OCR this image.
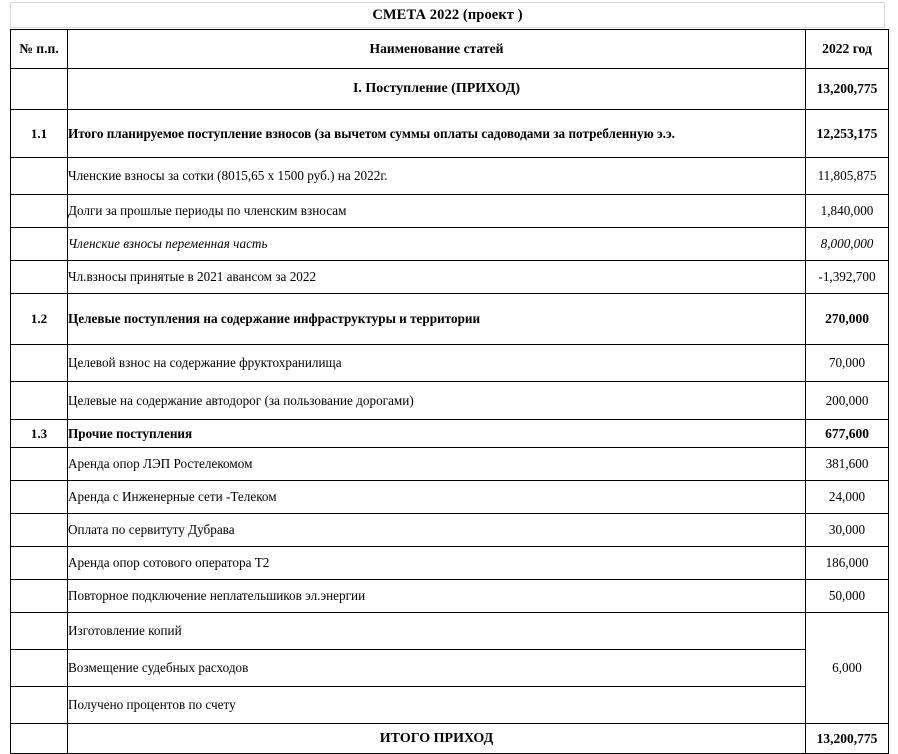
СМЕТА 2022 (проект )
№ п.п.	Наименование статей	2022 год
	I. Поступление (ПРИХОД)	13,200,775
1.1	Итого планируемое поступление взносов (за вычетом суммы оплаты садоводами за потребленную э.э.	12,253,175
	Членские взносы за сотки (8015,65 x 1500 руб.) на 2022г.	11,805,875
	Долги за прошлые периоды по членским взносам	1,840,000
	Членские взносы переменная часть	8,000,000
	Чл.взносы принятые в 2021 авансом за 2022	-1,392,700
1.2	Целевые поступления на содержание инфраструктуры и территории	270,000
	Целевой взнос на содержание фруктохранилища	70,000
	Целевые на содержание автодорог (за пользование дорогами)	200,000
1.3	Прочие поступления	677,600
	Аренда опор ЛЭП Ростелекомом	381,600
	Аренда с Инженерные сети -Телеком	24,000
	Оплата по сервитуту Дубрава	30,000
	Аренда опор сотового оператора Т2	186,000
	Повторное подключение неплательшиков эл.энергии	50,000
	Изготовление копий	6,000
	Возмещение судебных расходов	
	Получено процентов по счету	
	ИТОГО ПРИХОД	13,200,775
